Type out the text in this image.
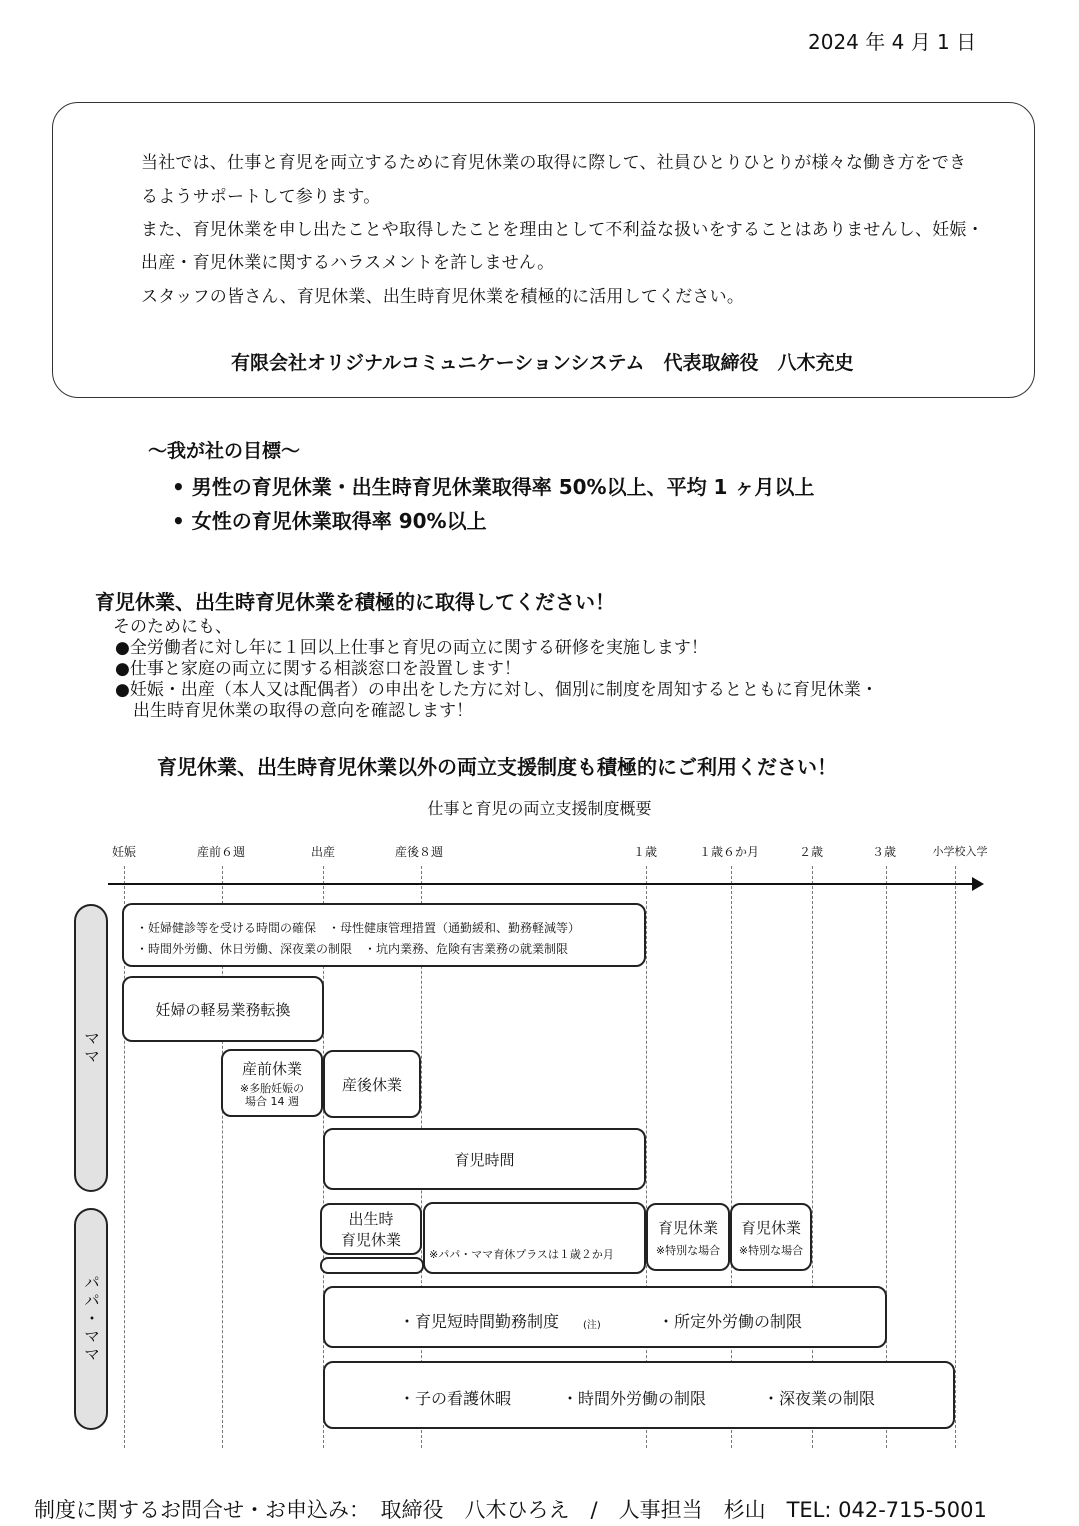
2024 年 4 月 1 日
当社では、仕事と育児を両立するために育児休業の取得に際して、社員ひとりひとりが様々な働き方をでき
るようサポートして参ります。
また、育児休業を申し出たことや取得したことを理由として不利益な扱いをすることはありませんし、妊娠・
出産・育児休業に関するハラスメントを許しません。
スタッフの皆さん、育児休業、出生時育児休業を積極的に活用してください。
有限会社オリジナルコミュニケーションシステム　代表取締役　八木充史
～我が社の目標～
• 男性の育児休業・出生時育児休業取得率 50%以上、平均 1 ヶ月以上
• 女性の育児休業取得率 90%以上
育児休業、出生時育児休業を積極的に取得してください！
そのためにも、
●全労働者に対し年に１回以上仕事と育児の両立に関する研修を実施します！
●仕事と家庭の両立に関する相談窓口を設置します！
●妊娠・出産（本人又は配偶者）の申出をした方に対し、個別に制度を周知するとともに育児休業・
出生時育児休業の取得の意向を確認します！
育児休業、出生時育児休業以外の両立支援制度も積極的にご利用ください！
仕事と育児の両立支援制度概要
妊娠	産前６週	出産	産後８週	１歳	１歳６か月	２歳	３歳	小学校入学
ママ
パパ・ママ
・妊婦健診等を受ける時間の確保　・母性健康管理措置（通勤緩和、勤務軽減等）
・時間外労働、休日労働、深夜業の制限　・坑内業務、危険有害業務の就業制限
妊婦の軽易業務転換
産前休業
※多胎妊娠の
場合 14 週
産後休業
育児時間
出生時
育児休業
※パパ・ママ育休プラスは１歳２か月
育児休業
※特別な場合
育児休業
※特別な場合
・育児短時間勤務制度 (注)	・所定外労働の制限
・子の看護休暇	・時間外労働の制限	・深夜業の制限
制度に関するお問合せ・お申込み：　取締役　八木ひろえ　/　人事担当　杉山　TEL: 042-715-5001
